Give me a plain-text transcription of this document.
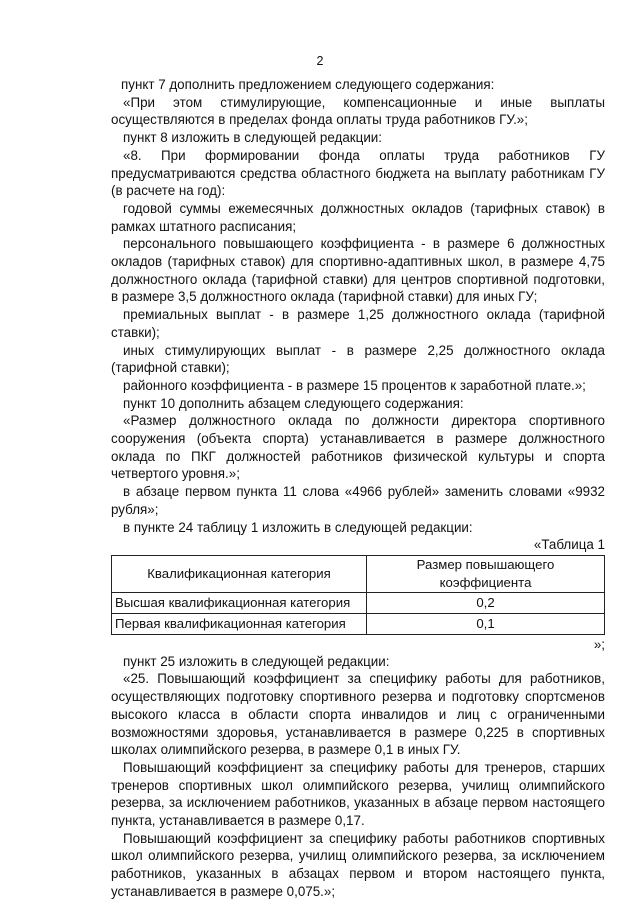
2

пункт 7 дополнить предложением следующего содержания:

«При этом стимулирующие, компенсационные и иные выплаты осуществляются в пределах фонда оплаты труда работников ГУ.»;

пункт 8 изложить в следующей редакции:

«8. При формировании фонда оплаты труда работников ГУ предусматриваются средства областного бюджета на выплату работникам ГУ (в расчете на год):

годовой суммы ежемесячных должностных окладов (тарифных ставок) в рамках штатного расписания;

персонального повышающего коэффициента - в размере 6 должностных окладов (тарифных ставок) для спортивно-адаптивных школ, в размере 4,75 должностного оклада (тарифной ставки) для центров спортивной подготовки, в размере 3,5 должностного оклада (тарифной ставки) для иных ГУ;

премиальных выплат - в размере 1,25 должностного оклада (тарифной ставки);

иных стимулирующих выплат - в размере 2,25 должностного оклада (тарифной ставки);

районного коэффициента - в размере 15 процентов к заработной плате.»;

пункт 10 дополнить абзацем следующего содержания:

«Размер должностного оклада по должности директора спортивного сооружения (объекта спорта) устанавливается в размере должностного оклада по ПКГ должностей работников физической культуры и спорта четвертого уровня.»;

в абзаце первом пункта 11 слова «4966 рублей» заменить словами «9932 рубля»;

в пункте 24 таблицу 1 изложить в следующей редакции:

«Таблица 1
Квалификационная категория	Размер повышающего коэффициента
Высшая квалификационная категория	0,2
Первая квалификационная категория	0,1
»;

пункт 25 изложить в следующей редакции:

«25. Повышающий коэффициент за специфику работы для работников, осуществляющих подготовку спортивного резерва и подготовку спортсменов высокого класса в области спорта инвалидов и лиц с ограниченными возможностями здоровья, устанавливается в размере 0,225 в спортивных школах олимпийского резерва, в размере 0,1 в иных ГУ.

Повышающий коэффициент за специфику работы для тренеров, старших тренеров спортивных школ олимпийского резерва, училищ олимпийского резерва, за исключением работников, указанных в абзаце первом настоящего пункта, устанавливается в размере 0,17.

Повышающий коэффициент за специфику работы работников спортивных школ олимпийского резерва, училищ олимпийского резерва, за исключением работников, указанных в абзацах первом и втором настоящего пункта, устанавливается в размере 0,075.»;
